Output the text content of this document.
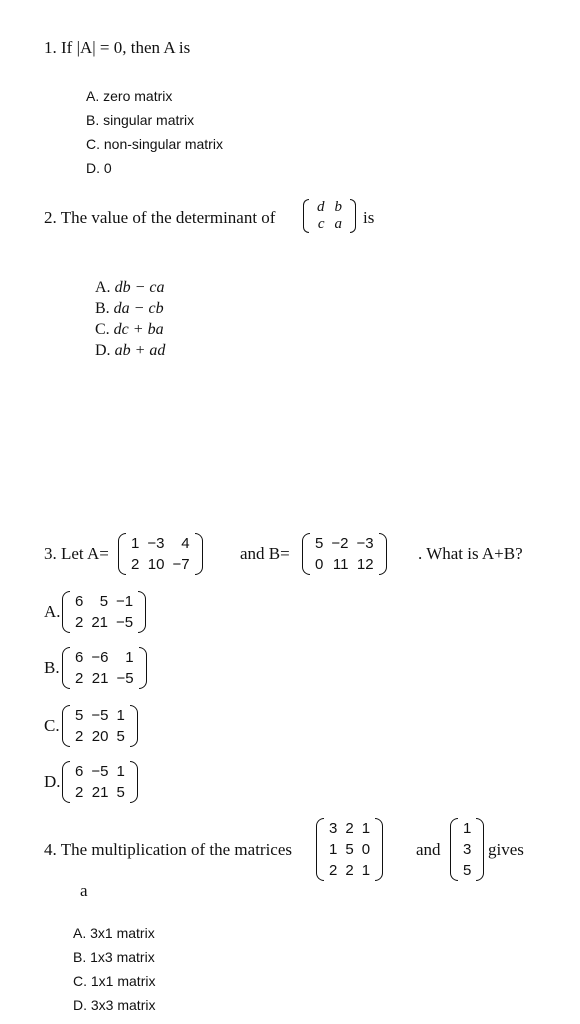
1. If |A| = 0, then A is
A. zero matrix
B. singular matrix
C. non-singular matrix
D. 0
2. The value of the determinant of
d	b
c	a is
A. db − ca
B. da − cb
C. dc + ba
D. ab + ad
3. Let A=
1	−3	4
2	10	−7
and B=
5	−2	−3
0	11	12
. What is A+B?
A.
6	5	−1
2	21	−5
B.
6	−6	1
2	21	−5
C.
5	−5	1
2	20	5
D.
6	−5	1
2	21	5
4. The multiplication of the matrices
3	2	1
1	5	0
2	2	1
and
1
3
5
gives
a
A. 3x1 matrix
B. 1x3 matrix
C. 1x1 matrix
D. 3x3 matrix
